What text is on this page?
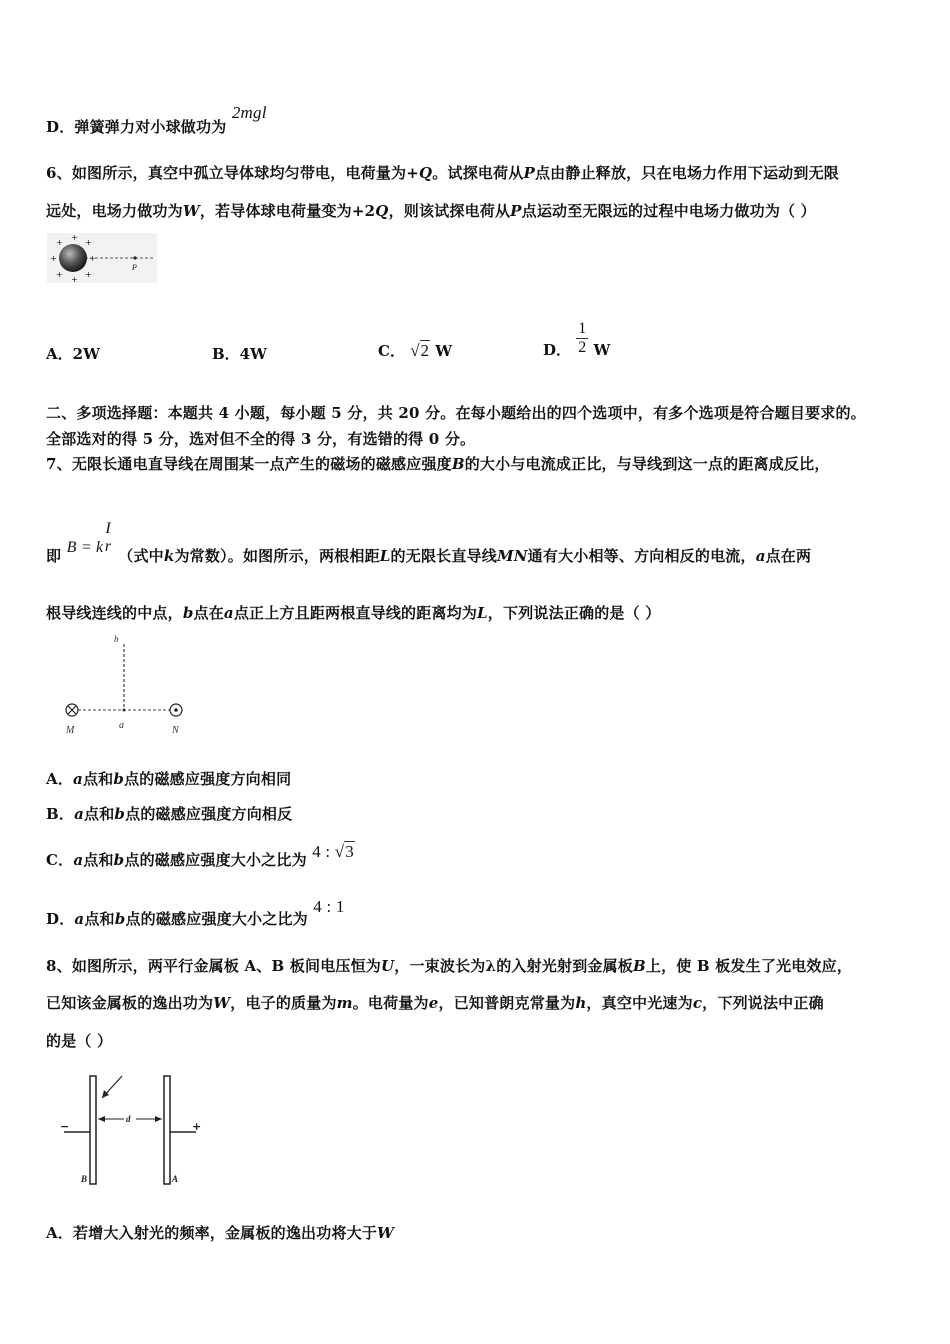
D．弹簧弹力对小球做功为 2mgl
6、如图所示，真空中孤立导体球均匀带电，电荷量为+Q。试探电荷从P点由静止释放，只在电场力作用下运动到无限
远处，电场力做功为W，若导体球电荷量变为+2Q，则该试探电荷从P点运动至无限远的过程中电场力做功为（ ）
+
+
+
+	+
+
+
+
P
A．2W	B．4W	C． √2 W	D． $\frac{1}{2}$ W
二、多项选择题：本题共 4 小题，每小题 5 分，共 20 分。在每小题给出的四个选项中，有多个选项是符合题目要求的。
全部选对的得 5 分，选对但不全的得 3 分，有选错的得 0 分。
7、无限长通电直导线在周围某一点产生的磁场的磁感应强度B的大小与电流成正比，与导线到这一点的距离成反比，
即 B = k
I
r
（式中k为常数）。如图所示，两根相距L的无限长直导线MN通有大小相等、方向相反的电流，a点在两
根导线连线的中点，b点在a点正上方且距两根直导线的距离均为L，下列说法正确的是（ ）
b
M	a	N
A．a点和b点的磁感应强度方向相同
B．a点和b点的磁感应强度方向相反
C．a点和b点的磁感应强度大小之比为 4 : √3
D．a点和b点的磁感应强度大小之比为 4 : 1
8、如图所示，两平行金属板 A、B 板间电压恒为U，一束波长为λ的入射光射到金属板B上，使 B 板发生了光电效应，
已知该金属板的逸出功为W，电子的质量为m。电荷量为e，已知普朗克常量为h，真空中光速为c，下列说法中正确
的是（ ）
−	+
d
B	A
A．若增大入射光的频率，金属板的逸出功将大于W
